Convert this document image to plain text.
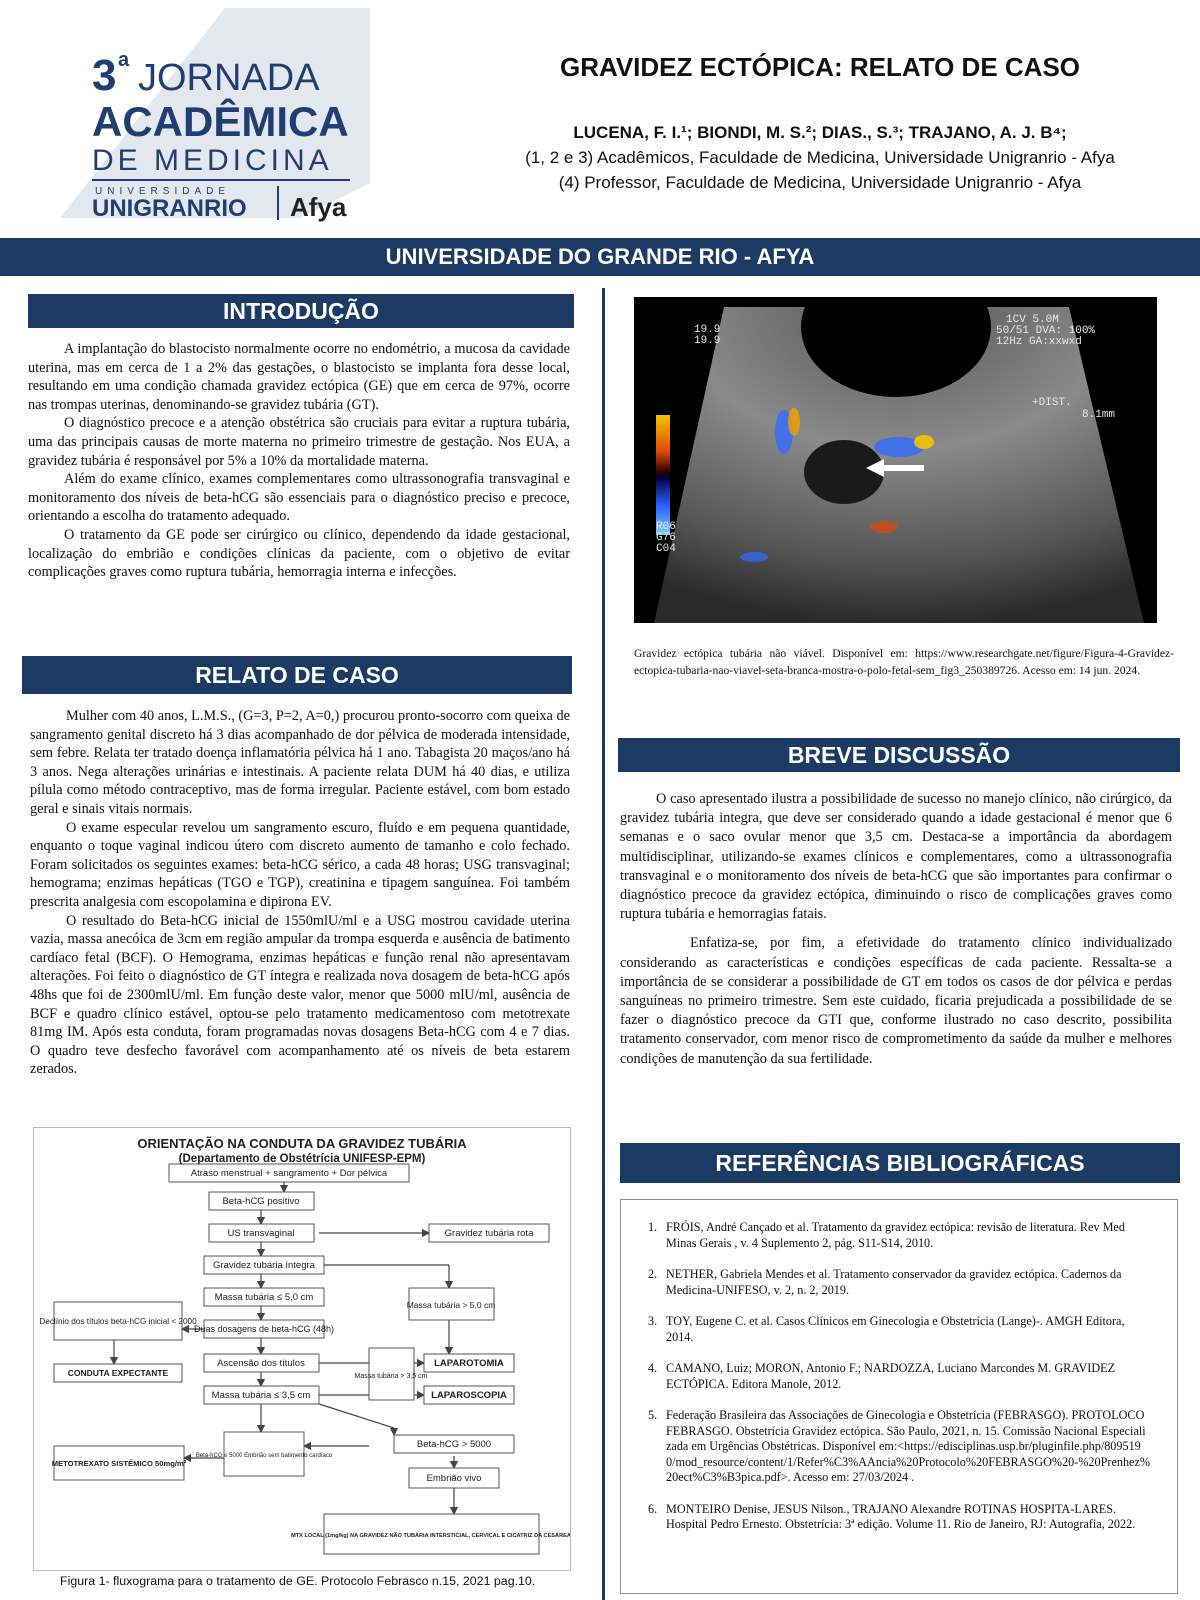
3 a JORNADA
ACADÊMICA
DE MEDICINA
UNIVERSIDADE
UNIGRANRIO Afya
GRAVIDEZ ECTÓPICA: RELATO DE CASO
LUCENA, F. I.¹; BIONDI, M. S.²; DIAS., S.³; TRAJANO, A. J. B⁴;
(1, 2 e 3) Acadêmicos, Faculdade de Medicina, Universidade Unigranrio - Afya
(4) Professor, Faculdade de Medicina, Universidade Unigranrio - Afya
UNIVERSIDADE DO GRANDE RIO - AFYA
INTRODUÇÃO

A implantação do blastocisto normalmente ocorre no endométrio, a mucosa da cavidade uterina, mas em cerca de 1 a 2% das gestações, o blastocisto se implanta fora desse local, resultando em uma condição chamada gravidez ectópica (GE) que em cerca de 97%, ocorre nas trompas uterinas, denominando-se gravidez tubária (GT).

O diagnóstico precoce e a atenção obstétrica são cruciais para evitar a ruptura tubária, uma das principais causas de morte materna no primeiro trimestre de gestação. Nos EUA, a gravidez tubária é responsável por 5% a 10% da mortalidade materna.

Além do exame clínico, exames complementares como ultrassonografia transvaginal e monitoramento dos níveis de beta-hCG são essenciais para o diagnóstico preciso e precoce, orientando a escolha do tratamento adequado.

O tratamento da GE pode ser cirúrgico ou clínico, dependendo da idade gestacional, localização do embrião e condições clínicas da paciente, com o objetivo de evitar complicações graves como ruptura tubária, hemorragia interna e infecções.

RELATO DE CASO

Mulher com 40 anos, L.M.S., (G=3, P=2, A=0,) procurou pronto-socorro com queixa de sangramento genital discreto há 3 dias acompanhado de dor pélvica de moderada intensidade, sem febre. Relata ter tratado doença inflamatória pélvica há 1 ano. Tabagista 20 maços/ano há 3 anos. Nega alterações urinárias e intestinais. A paciente relata DUM há 40 dias, e utiliza pílula como método contraceptivo, mas de forma irregular. Paciente estável, com bom estado geral e sinais vitais normais.

O exame especular revelou um sangramento escuro, fluído e em pequena quantidade, enquanto o toque vaginal indicou útero com discreto aumento de tamanho e colo fechado. Foram solicitados os seguintes exames: beta-hCG sérico, a cada 48 horas; USG transvaginal; hemograma; enzimas hepáticas (TGO e TGP), creatinina e tipagem sanguínea. Foi também prescrita analgesia com escopolamina e dipirona EV.

O resultado do Beta-hCG inicial de 1550mlU/ml e a USG mostrou cavidade uterina vazia, massa anecóica de 3cm em região ampular da trompa esquerda e ausência de batimento cardíaco fetal (BCF). O Hemograma, enzimas hepáticas e função renal não apresentavam alterações. Foi feito o diagnóstico de GT íntegra e realizada nova dosagem de beta-hCG após 48hs que foi de 2300mlU/ml. Em função deste valor, menor que 5000 mlU/ml, ausência de BCF e quadro clínico estável, optou-se pelo tratamento medicamentoso com metotrexate 81mg IM. Após esta conduta, foram programadas novas dosagens Beta-hCG com 4 e 7 dias. O quadro teve desfecho favorável com acompanhamento até os níveis de beta estarem zerados.

ORIENTAÇÃO NA CONDUTA DA GRAVIDEZ TUBÁRIA
(Departamento de Obstétrícia UNIFESP-EPM)
Atraso menstrual + sangramento + Dor pélvica
Beta-hCG positivo
US transvaginal	Gravidez tubária rota
Gravidez tubária íntegra
Massa tubária ≤ 5,0 cm
Massa tubária > 5,0 cm
Duas dosagens de beta-hCG (48h)
Declínio dos títulos beta-hCG inicial < 2000
CONDUTA EXPECTANTE
Ascensão dos títulos
Massa tubária > 3,5 cm
LAPAROTOMIA
Massa tubária ≤ 3,5 cm	LAPAROSCOPIA
Beta-hCG > 5000
METOTREXATO SISTÊMICO 50mg/m²
Beta-hCG ≤ 5000 Embrião sem batimento cardíaco
Embrião vivo
MTX LOCAL (1mg/kg) NA GRAVIDEZ NÃO TUBÁRIA INTERSTICIAL, CERVICAL E CICATRIZ DA CESÁREA
Figura 1- fluxograma para o tratamento de GE. Protocolo Febrasco n.15, 2021 pag.10.
19.9
19.9
1CV 5.0M
50/51 DVA: 100%
12Hz GA:xxwxd
+DIST.
8.1mm
R06
G76
C04
Gravidez ectópica tubária não viável. Disponível em: https://www.researchgate.net/figure/Figura-4-Gravidez-ectopica-tubaria-nao-viavel-seta-branca-mostra-o-polo-fetal-sem_fig3_250389726. Acesso em: 14 jun. 2024.
BREVE DISCUSSÃO

O caso apresentado ilustra a possibilidade de sucesso no manejo clínico, não cirúrgico, da gravidez tubária integra, que deve ser considerado quando a idade gestacional é menor que 6 semanas e o saco ovular menor que 3,5 cm. Destaca-se a importância da abordagem multidisciplinar, utilizando-se exames clínicos e complementares, como a ultrassonografia transvaginal e o monitoramento dos níveis de beta-hCG que são importantes para confirmar o diagnóstico precoce da gravidez ectópica, diminuindo o risco de complicações graves como ruptura tubária e hemorragias fatais.

Enfatiza-se, por fim, a efetividade do tratamento clínico individualizado considerando as características e condições específicas de cada paciente. Ressalta-se a importância de se considerar a possibilidade de GT em todos os casos de dor pélvica e perdas sanguíneas no primeiro trimestre. Sem este cuidado, ficaria prejudicada a possibilidade de se fazer o diagnóstico precoce da GTI que, conforme ilustrado no caso descrito, possibilita tratamento conservador, com menor risco de comprometimento da saúde da mulher e melhores condições de manutenção da sua fertilidade.

REFERÊNCIAS BIBLIOGRÁFICAS
1. FRÓIS, André Cançado et al. Tratamento da gravidez ectópica: revisão de literatura. Rev Med Minas Gerais , v. 4 Suplemento 2, pág. S11-S14, 2010.
2. NETHER, Gabriela Mendes et al. Tratamento conservador da gravidez ectópica. Cadernos da Medicina-UNIFESO, v. 2, n. 2, 2019.
3. TOY, Eugene C. et al. Casos Clínicos em Ginecologia e Obstetrícia (Lange)-. AMGH Editora, 2014.
4. CAMANO, Luiz; MORON, Antonio F.; NARDOZZA, Luciano Marcondes M. GRAVIDEZ ECTÓPICA. Editora Manole, 2012.
5. Federação Brasileira das Associações de Ginecologia e Obstetrícia (FEBRASGO). PROTOLOCO FEBRASGO. Obstetrícia Gravidez ectópica. São Paulo, 2021, n. 15. Comissão Nacional Especializada em Urgências Obstétricas. Disponível em:<https://edisciplinas.usp.br/pluginfile.php/8095190/mod_resource/content/1/Refer%C3%AAncia%20Protocolo%20FEBRASGO%20-%20Prenhez%20ect%C3%B3pica.pdf>. Acesso em: 27/03/2024 .
6. MONTEIRO Denise, JESUS Nilson., TRAJANO Alexandre ROTINAS HOSPITA-LARES. Hospital Pedro Ernesto. Obstetrícia: 3ª edição. Volume 11. Rio de Janeiro, RJ: Autografia, 2022.
